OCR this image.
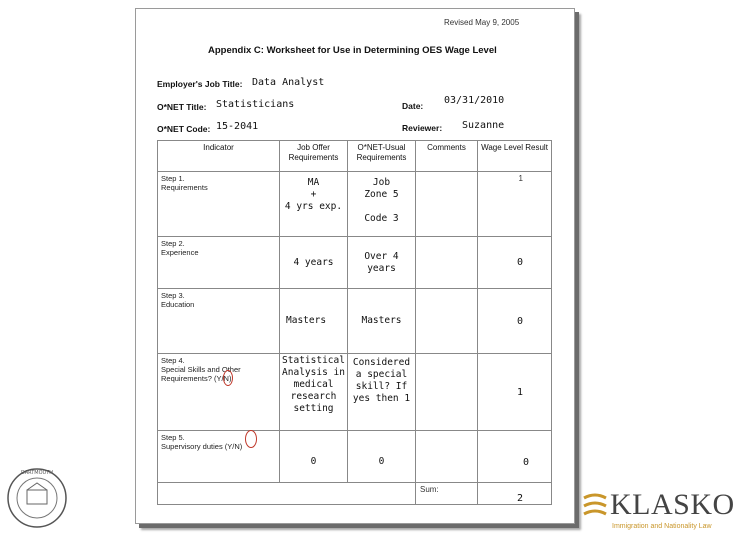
Revised May 9, 2005
Appendix C: Worksheet for Use in Determining OES Wage Level
Employer's Job Title: Data Analyst
O*NET Title: Statisticians	Date: 03/31/2010
O*NET Code: 15-2041	Reviewer: Suzanne
Indicator	Job Offer Requirements	O*NET-Usual Requirements	Comments	Wage Level Result
Step 1.
Requirements	MA
+
4 yrs exp.	Job
Zone 5

Code 3		1
Step 2.
Experience	4 years	Over 4
years		0
Step 3.
Education	Masters	Masters		0
Step 4.
Special Skills and Other
Requirements? (Y/N)	Statistical
Analysis in
medical
research
setting	Considered
a special
skill? If
yes then 1		1
Step 5.
Supervisory duties (Y/N)	0	0		0
			Sum:	2
DARTMOUTH
KLASKO
Immigration and Nationality Law
